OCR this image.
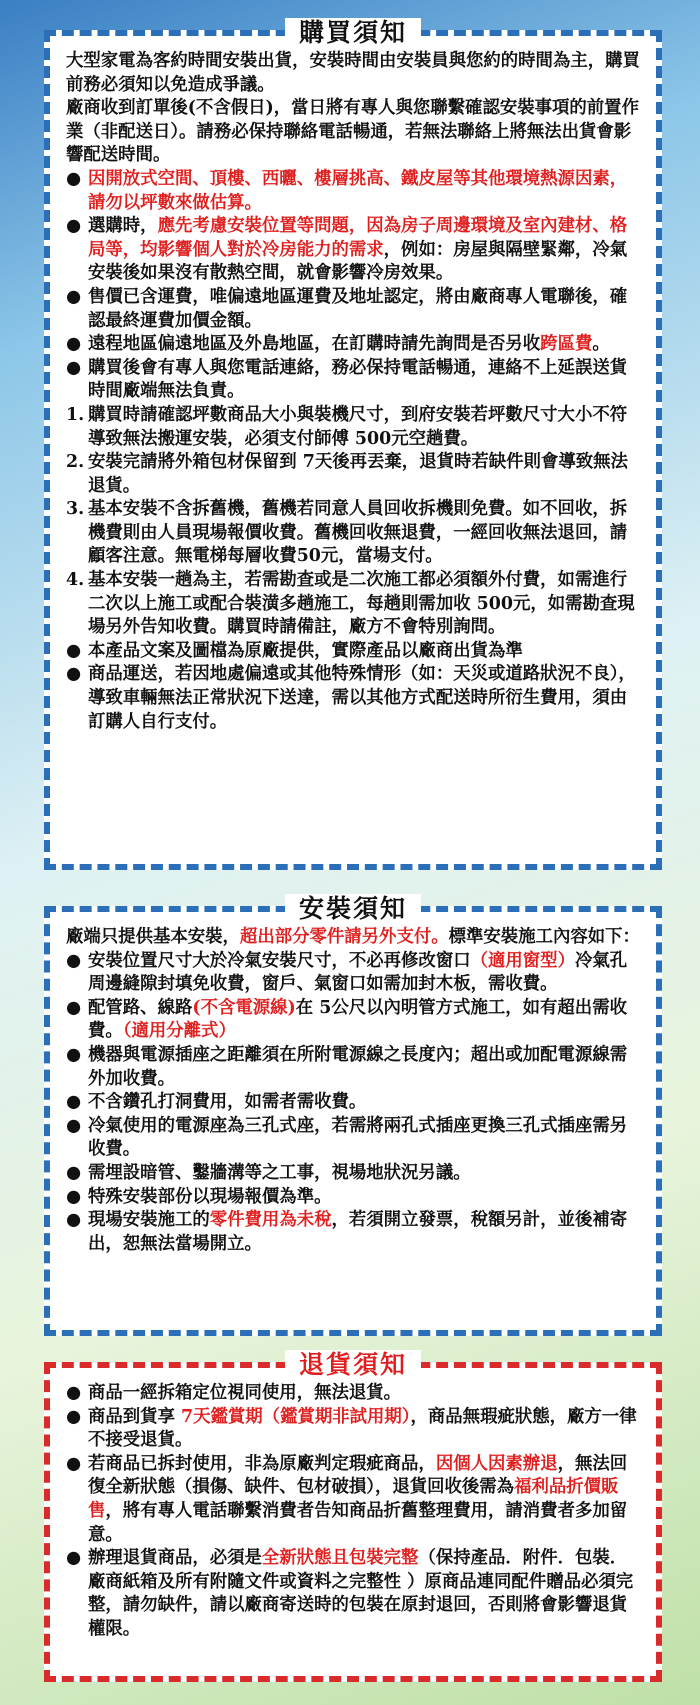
購買須知

大型家電為客約時間安裝出貨，安裝時間由安裝員與您約的時間為主，購買前務必須知以免造成爭議。

廠商收到訂單後(不含假日)，當日將有專人與您聯繫確認安裝事項的前置作業（非配送日）。請務必保持聯絡電話暢通，若無法聯絡上將無法出貨會影響配送時間。

● 因開放式空間、頂樓、西曬、樓層挑高、鐵皮屋等其他環境熱源因素，請勿以坪數來做估算。
● 選購時，應先考慮安裝位置等問題，因為房子周邊環境及室內建材、格局等，均影響個人對於冷房能力的需求，例如：房屋與隔壁緊鄰，冷氣安裝後如果沒有散熱空間，就會影響冷房效果。
● 售價已含運費，唯偏遠地區運費及地址認定，將由廠商專人電聯後，確認最終運費加價金額。
● 遠程地區偏遠地區及外島地區，在訂購時請先詢問是否另收跨區費。
● 購買後會有專人與您電話連絡，務必保持電話暢通，連絡不上延誤送貨時間廠端無法負責。
1. 購買時請確認坪數商品大小與裝機尺寸，到府安裝若坪數尺寸大小不符導致無法搬運安裝，必須支付師傅 500元空趟費。
2. 安裝完請將外箱包材保留到 7天後再丟棄，退貨時若缺件則會導致無法退貨。
3. 基本安裝不含拆舊機，舊機若同意人員回收拆機則免費。如不回收，拆機費則由人員現場報價收費。舊機回收無退費，一經回收無法退回，請顧客注意。無電梯每層收費50元，當場支付。
4. 基本安裝一趟為主，若需勘查或是二次施工都必須額外付費，如需進行二次以上施工或配合裝潢多趟施工，每趟則需加收 500元，如需勘查現場另外告知收費。購買時請備註，廠方不會特別詢問。
● 本產品文案及圖檔為原廠提供，實際產品以廠商出貨為準
● 商品運送，若因地處偏遠或其他特殊情形（如：天災或道路狀況不良），導致車輛無法正常狀況下送達，需以其他方式配送時所衍生費用，須由訂購人自行支付。
安裝須知

廠端只提供基本安裝，超出部分零件請另外支付。標準安裝施工內容如下：

● 安裝位置尺寸大於冷氣安裝尺寸，不必再修改窗口（適用窗型）冷氣孔周邊縫隙封填免收費，窗戶、氣窗口如需加封木板，需收費。
● 配管路、線路(不含電源線)在 5公尺以內明管方式施工，如有超出需收費。（適用分離式）
● 機器與電源插座之距離須在所附電源線之長度內；超出或加配電源線需外加收費。
● 不含鑽孔打洞費用，如需者需收費。
● 冷氣使用的電源座為三孔式座，若需將兩孔式插座更換三孔式插座需另收費。
● 需埋設暗管、鑿牆溝等之工事，視場地狀況另議。
● 特殊安裝部份以現場報價為準。
● 現場安裝施工的零件費用為未稅，若須開立發票，稅額另計，並後補寄出，恕無法當場開立。
退貨須知
● 商品一經拆箱定位視同使用，無法退貨。
● 商品到貨享 7天鑑賞期（鑑賞期非試用期），商品無瑕疵狀態，廠方一律不接受退貨。
● 若商品已拆封使用，非為原廠判定瑕疵商品，因個人因素辦退，無法回復全新狀態（損傷、缺件、包材破損），退貨回收後需為福利品折價販售，將有專人電話聯繫消費者告知商品折舊整理費用，請消費者多加留意。
● 辦理退貨商品，必須是全新狀態且包裝完整（保持產品．附件．包裝．廠商紙箱及所有附隨文件或資料之完整性 ）原商品連同配件贈品必須完整，請勿缺件，請以廠商寄送時的包裝在原封退回，否則將會影響退貨權限。
